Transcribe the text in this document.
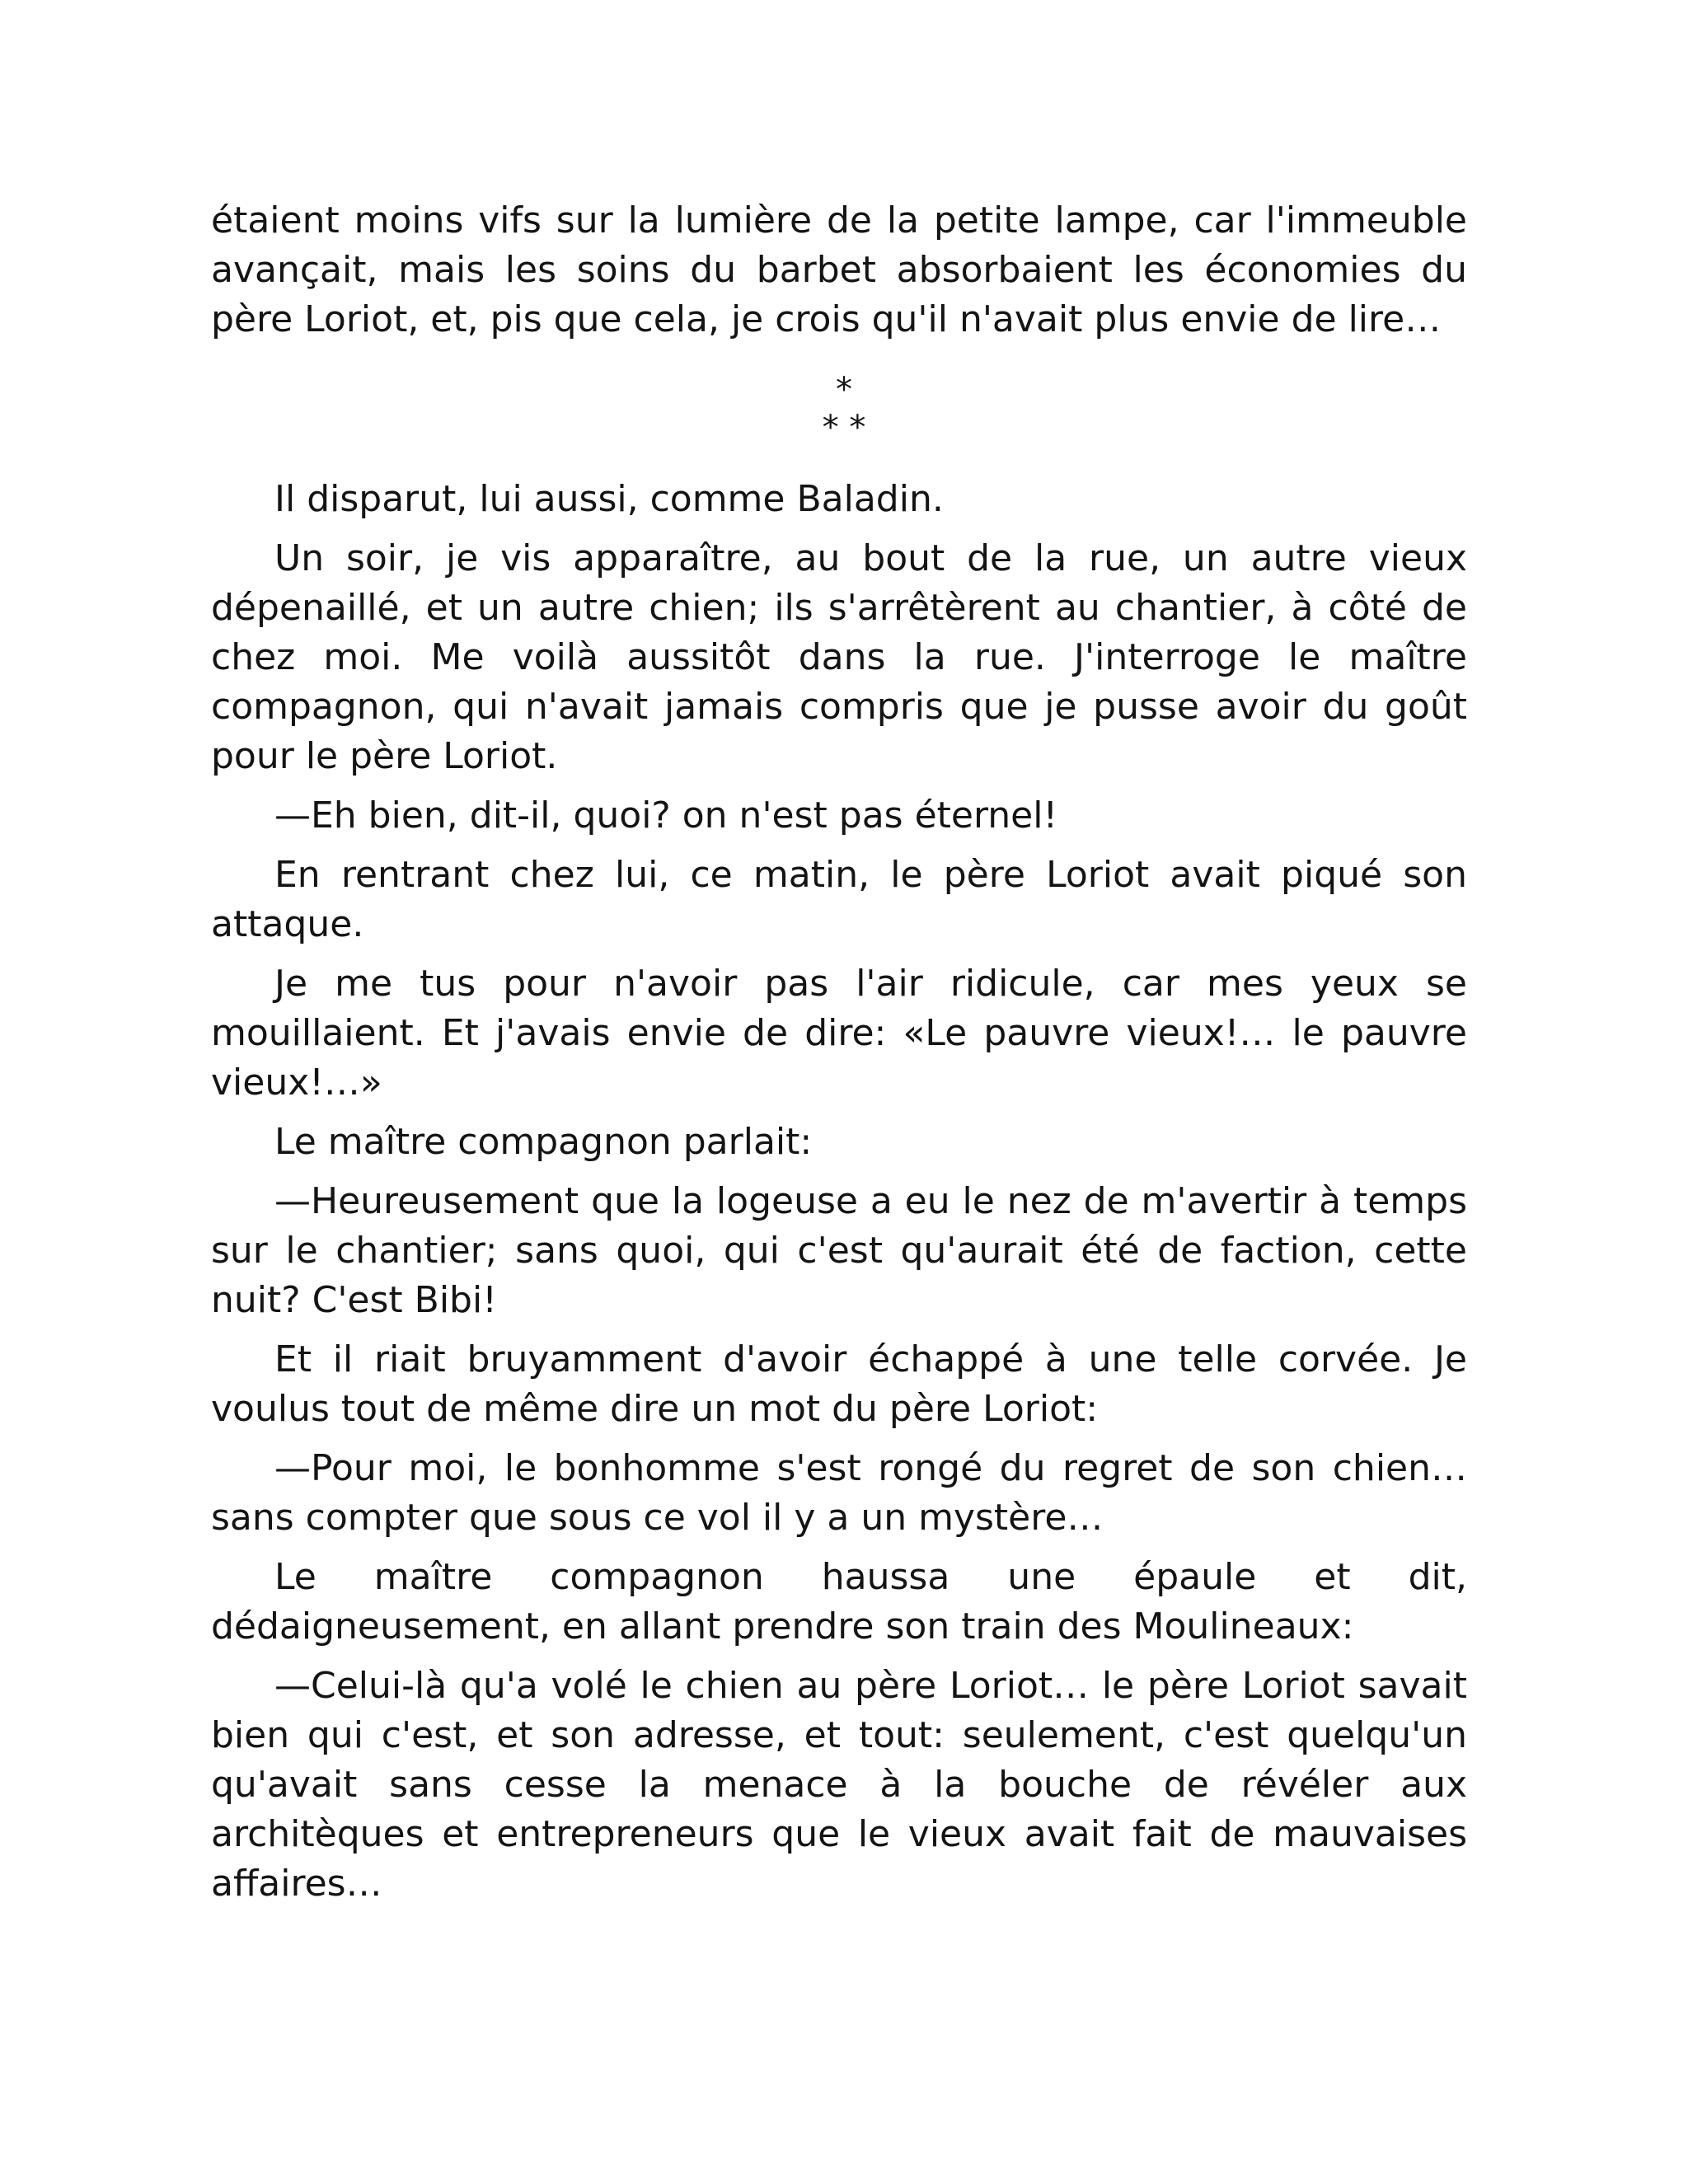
étaient moins vifs sur la lumière de la petite lampe, car l'immeuble avançait, mais les soins du barbet absorbaient les économies du père Loriot, et, pis que cela, je crois qu'il n'avait plus envie de lire…

*
* *

Il disparut, lui aussi, comme Baladin.

Un soir, je vis apparaître, au bout de la rue, un autre vieux dépenaillé, et un autre chien; ils s'arrêtèrent au chantier, à côté de chez moi. Me voilà aussitôt dans la rue. J'interroge le maître compagnon, qui n'avait jamais compris que je pusse avoir du goût pour le père Loriot.

—Eh bien, dit-il, quoi? on n'est pas éternel!

En rentrant chez lui, ce matin, le père Loriot avait piqué son attaque.

Je me tus pour n'avoir pas l'air ridicule, car mes yeux se mouillaient. Et j'avais envie de dire: «Le pauvre vieux!… le pauvre vieux!…»

Le maître compagnon parlait:

—Heureusement que la logeuse a eu le nez de m'avertir à temps sur le chantier; sans quoi, qui c'est qu'aurait été de faction, cette nuit? C'est Bibi!

Et il riait bruyamment d'avoir échappé à une telle corvée. Je voulus tout de même dire un mot du père Loriot:

—Pour moi, le bonhomme s'est rongé du regret de son chien… sans compter que sous ce vol il y a un mystère…

Le maître compagnon haussa une épaule et dit, dédaigneusement, en allant prendre son train des Moulineaux:

—Celui-là qu'a volé le chien au père Loriot… le père Loriot savait bien qui c'est, et son adresse, et tout: seulement, c'est quelqu'un qu'avait sans cesse la menace à la bouche de révéler aux architèques et entrepreneurs que le vieux avait fait de mauvaises affaires…
